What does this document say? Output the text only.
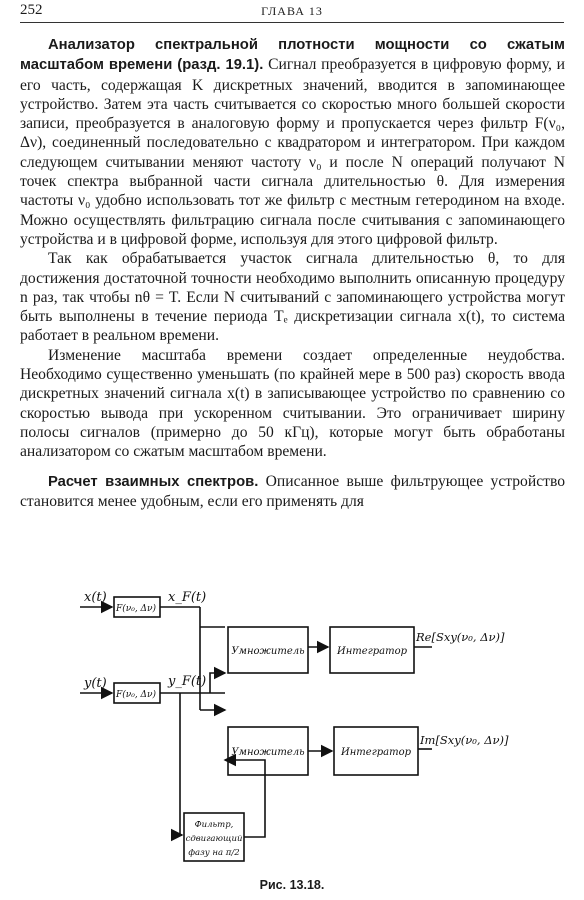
252	ГЛАВА 13

Анализатор спектральной плотности мощности со сжатым масштабом времени (разд. 19.1). Сигнал преобразуется в цифровую форму, и его часть, содержащая K дискретных значений, вводится в запоминающее устройство. Затем эта часть считывается со скоростью много большей скорости записи, преобразуется в аналоговую форму и пропускается через фильтр F(ν₀, Δν), соединенный последовательно с квадратором и интегратором. При каждом следующем считывании меняют частоту ν₀ и после N операций получают N точек спектра выбранной части сигнала длительностью θ. Для измерения частоты ν₀ удобно использовать тот же фильтр с местным гетеродином на входе. Можно осуществлять фильтрацию сигнала после считывания с запоминающего устройства и в цифровой форме, используя для этого цифровой фильтр.

Так как обрабатывается участок сигнала длительностью θ, то для достижения достаточной точности необходимо выполнить описанную процедуру n раз, так чтобы nθ = T. Если N считываний с запоминающего устройства могут быть выполнены в течение периода Tₑ дискретизации сигнала x(t), то система работает в реальном времени.

Изменение масштаба времени создает определенные неудобства. Необходимо существенно уменьшать (по крайней мере в 500 раз) скорость ввода дискретных значений сигнала x(t) в записывающее устройство по сравнению со скоростью вывода при ускоренном считывании. Это ограничивает ширину полосы сигналов (примерно до 50 кГц), которые могут быть обработаны анализатором со сжатым масштабом времени.

Расчет взаимных спектров. Описанное выше фильтрующее устройство становится менее удобным, если его применять для

x(t)
F(ν₀, Δν)
x_F(t)
y(t)
F(ν₀, Δν)
y_F(t)
Умножитель	Интегратор
Умножитель	Интегратор
Re[Sxy(ν₀, Δν)]
Im[Sxy(ν₀, Δν)]
Фильтр,
сдвигающий
фазу на π/2
Рис. 13.18.
